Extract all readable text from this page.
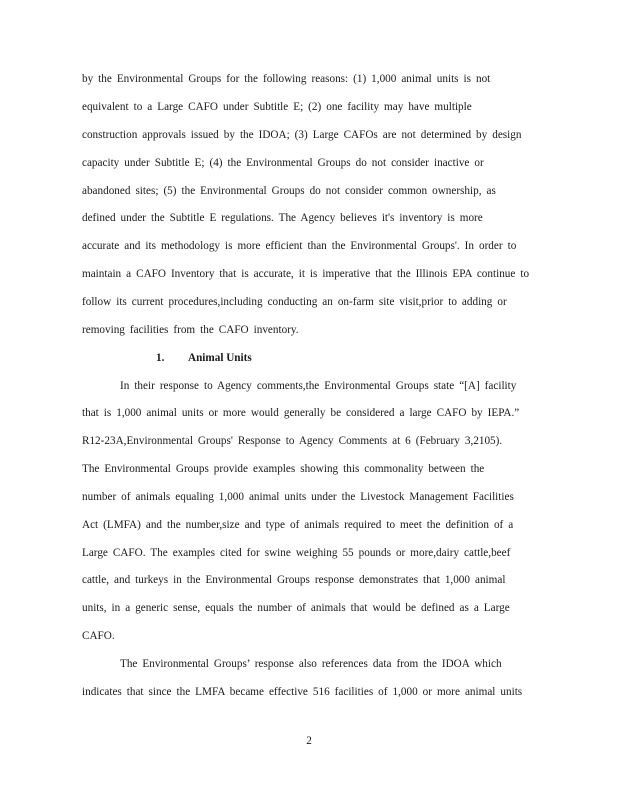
by the Environmental Groups for the following reasons: (1) 1,000 animal units is not
equivalent to a Large CAFO under Subtitle E; (2) one facility may have multiple
construction approvals issued by the IDOA; (3) Large CAFOs are not determined by design
capacity under Subtitle E; (4) the Environmental Groups do not consider inactive or
abandoned sites; (5) the Environmental Groups do not consider common ownership, as
defined under the Subtitle E regulations. The Agency believes it's inventory is more
accurate and its methodology is more efficient than the Environmental Groups'. In order to
maintain a CAFO Inventory that is accurate, it is imperative that the Illinois EPA continue to
follow its current procedures,including conducting an on-farm site visit,prior to adding or
removing facilities from the CAFO inventory.
1. Animal Units
In their response to Agency comments,the Environmental Groups state “[A] facility
that is 1,000 animal units or more would generally be considered a large CAFO by IEPA.”
R12-23A,Environmental Groups' Response to Agency Comments at 6 (February 3,2105).
The Environmental Groups provide examples showing this commonality between the
number of animals equaling 1,000 animal units under the Livestock Management Facilities
Act (LMFA) and the number,size and type of animals required to meet the definition of a
Large CAFO. The examples cited for swine weighing 55 pounds or more,dairy cattle,beef
cattle, and turkeys in the Environmental Groups response demonstrates that 1,000 animal
units, in a generic sense, equals the number of animals that would be defined as a Large
CAFO.
The Environmental Groups’ response also references data from the IDOA which
indicates that since the LMFA became effective 516 facilities of 1,000 or more animal units
2
